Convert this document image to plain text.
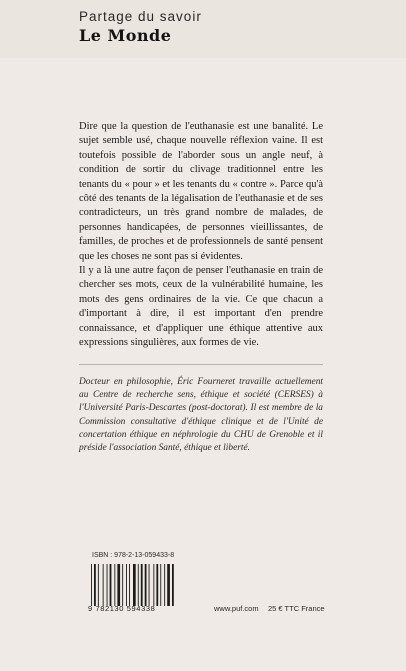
Partage du savoir
Le Monde

Dire que la question de l'euthanasie est une banalité. Le sujet semble usé, chaque nouvelle réflexion vaine. Il est toutefois possible de l'aborder sous un angle neuf, à condition de sortir du clivage traditionnel entre les tenants du « pour » et les tenants du « contre ». Parce qu'à côté des tenants de la légalisation de l'euthanasie et de ses contradicteurs, un très grand nombre de malades, de personnes handicapées, de personnes vieillissantes, de familles, de proches et de professionnels de santé pensent que les choses ne sont pas si évidentes.

Il y a là une autre façon de penser l'euthanasie en train de chercher ses mots, ceux de la vulnérabilité humaine, les mots des gens ordinaires de la vie. Ce que chacun a d'important à dire, il est important d'en prendre connaissance, et d'appliquer une éthique attentive aux expressions singulières, aux formes de vie.

Docteur en philosophie, Éric Fourneret travaille actuellement au Centre de recherche sens, éthique et société (CERSES) à l'Université Paris-Descartes (post-doctorat). Il est membre de la Commission consultative d'éthique clinique et de l'Unité de concertation éthique en néphrologie du CHU de Grenoble et il préside l'association Santé, éthique et liberté.
ISBN : 978-2-13-059433-8
9 782130 594338	www.puf.com 25 € TTC France
